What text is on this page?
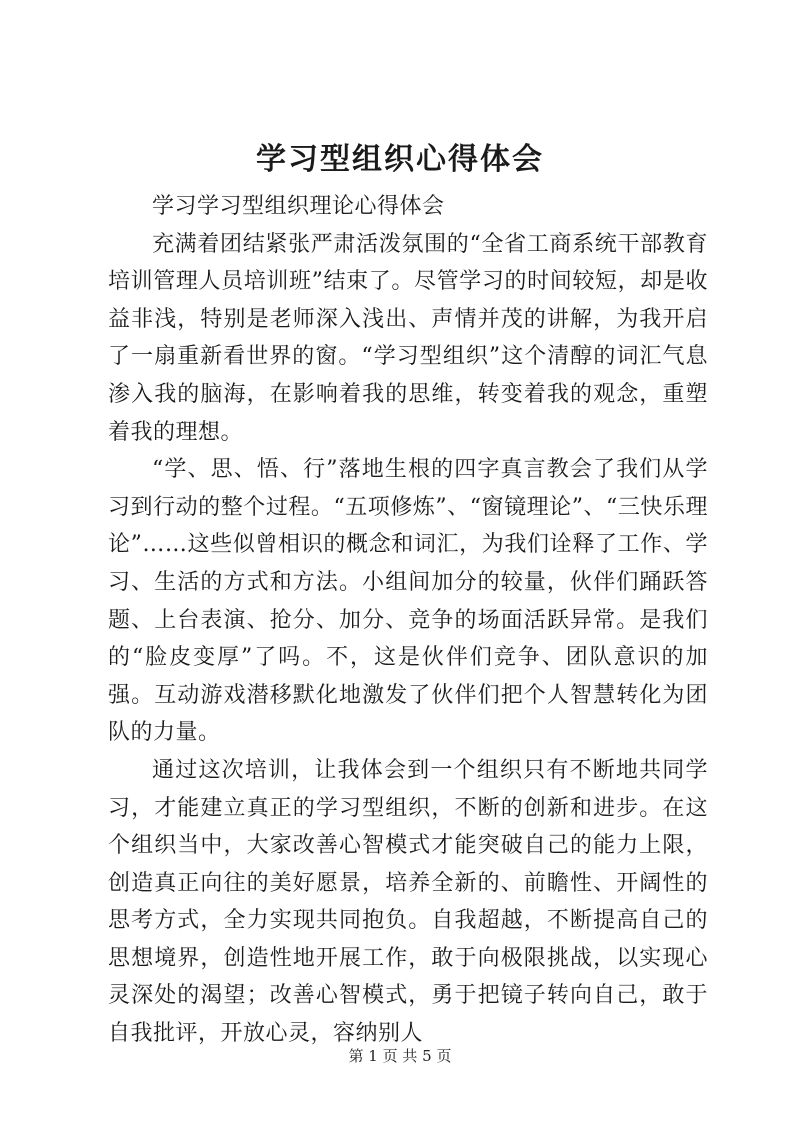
学习型组织心得体会

学习学习型组织理论心得体会

充满着团结紧张严肃活泼氛围的“全省工商系统干部教育培训管理人员培训班”结束了。尽管学习的时间较短，却是收益非浅，特别是老师深入浅出、声情并茂的讲解，为我开启了一扇重新看世界的窗。“学习型组织”这个清醇的词汇气息渗入我的脑海，在影响着我的思维，转变着我的观念，重塑着我的理想。

“学、思、悟、行”落地生根的四字真言教会了我们从学习到行动的整个过程。“五项修炼”、“窗镜理论”、“三快乐理论”……这些似曾相识的概念和词汇，为我们诠释了工作、学习、生活的方式和方法。小组间加分的较量，伙伴们踊跃答题、上台表演、抢分、加分、竞争的场面活跃异常。是我们的“脸皮变厚”了吗。不，这是伙伴们竞争、团队意识的加强。互动游戏潜移默化地激发了伙伴们把个人智慧转化为团队的力量。

通过这次培训，让我体会到一个组织只有不断地共同学习，才能建立真正的学习型组织，不断的创新和进步。在这个组织当中，大家改善心智模式才能突破自己的能力上限，创造真正向往的美好愿景，培养全新的、前瞻性、开阔性的思考方式，全力实现共同抱负。自我超越，不断提高自己的思想境界，创造性地开展工作，敢于向极限挑战，以实现心灵深处的渴望；改善心智模式，勇于把镜子转向自己，敢于自我批评，开放心灵，容纳别人

第 1 页 共 5 页
